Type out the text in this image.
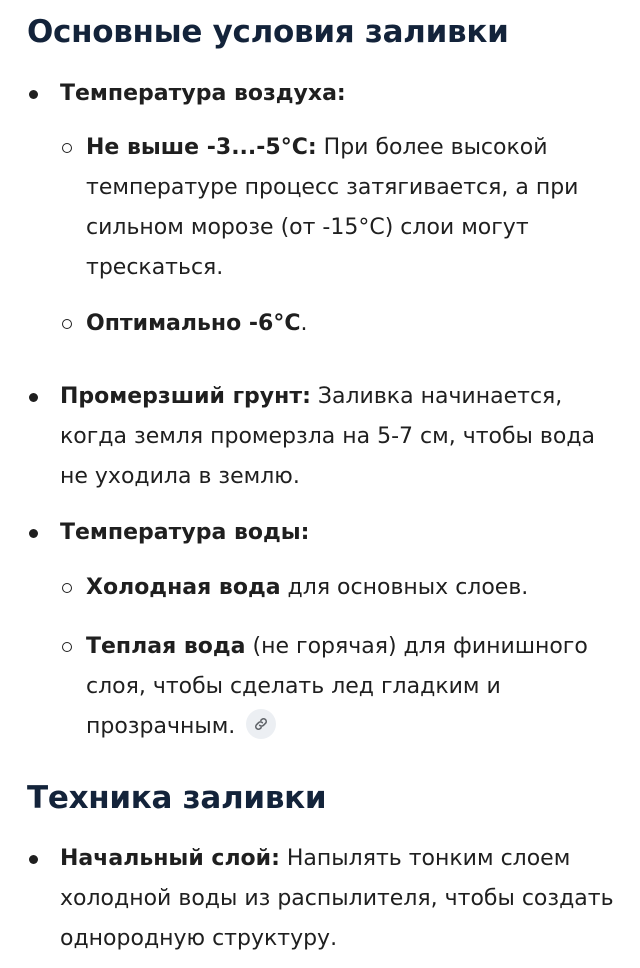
Основные условия заливки
Температура воздуха:
Не выше -3...-5°С: При более высокой температуре процесс затягивается, а при сильном морозе (от -15°С) слои могут трескаться.
Оптимально -6°С.
Промерзший грунт: Заливка начинается, когда земля промерзла на 5-7 см, чтобы вода не уходила в землю.
Температура воды:
Холодная вода для основных слоев.
Теплая вода (не горячая) для финишного слоя, чтобы сделать лед гладким и прозрачным.
Техника заливки
Начальный слой: Напылять тонким слоем холодной воды из распылителя, чтобы создать однородную структуру.
